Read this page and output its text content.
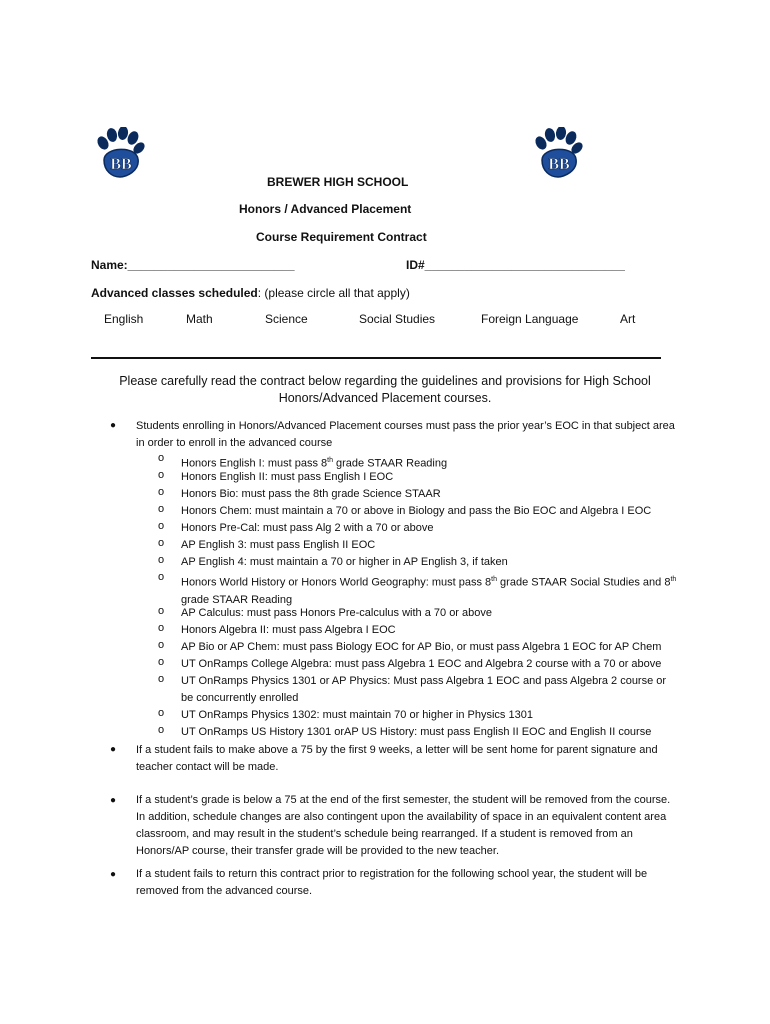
BB	BB
BREWER HIGH SCHOOL
Honors / Advanced Placement
Course Requirement Contract
Name:_________________________	ID#______________________________
Advanced classes scheduled: (please circle all that apply)
English	Math	Science	Social Studies	Foreign Language	Art
Please carefully read the contract below regarding the guidelines and provisions for High School Honors/Advanced Placement courses.
● Students enrolling in Honors/Advanced Placement courses must pass the prior year’s EOC in that subject area in order to enroll in the advanced course
o Honors English I: must pass 8th grade STAAR Reading
o Honors English II: must pass English I EOC
o Honors Bio: must pass the 8th grade Science STAAR
o Honors Chem: must maintain a 70 or above in Biology and pass the Bio EOC and Algebra I EOC
o Honors Pre-Cal: must pass Alg 2 with a 70 or above
o AP English 3: must pass English II EOC
o AP English 4: must maintain a 70 or higher in AP English 3, if taken
o Honors World History or Honors World Geography: must pass 8th grade STAAR Social Studies and 8th grade STAAR Reading
o AP Calculus: must pass Honors Pre-calculus with a 70 or above
o Honors Algebra II: must pass Algebra I EOC
o AP Bio or AP Chem: must pass Biology EOC for AP Bio, or must pass Algebra 1 EOC for AP Chem
o UT OnRamps College Algebra: must pass Algebra 1 EOC and Algebra 2 course with a 70 or above
o UT OnRamps Physics 1301 or AP Physics: Must pass Algebra 1 EOC and pass Algebra 2 course or be concurrently enrolled
o UT OnRamps Physics 1302: must maintain 70 or higher in Physics 1301
o UT OnRamps US History 1301 orAP US History: must pass English II EOC and English II course
● If a student fails to make above a 75 by the first 9 weeks, a letter will be sent home for parent signature and teacher contact will be made.
● If a student’s grade is below a 75 at the end of the first semester, the student will be removed from the course. In addition, schedule changes are also contingent upon the availability of space in an equivalent content area classroom, and may result in the student’s schedule being rearranged. If a student is removed from an Honors/AP course, their transfer grade will be provided to the new teacher.
● If a student fails to return this contract prior to registration for the following school year, the student will be removed from the advanced course.
